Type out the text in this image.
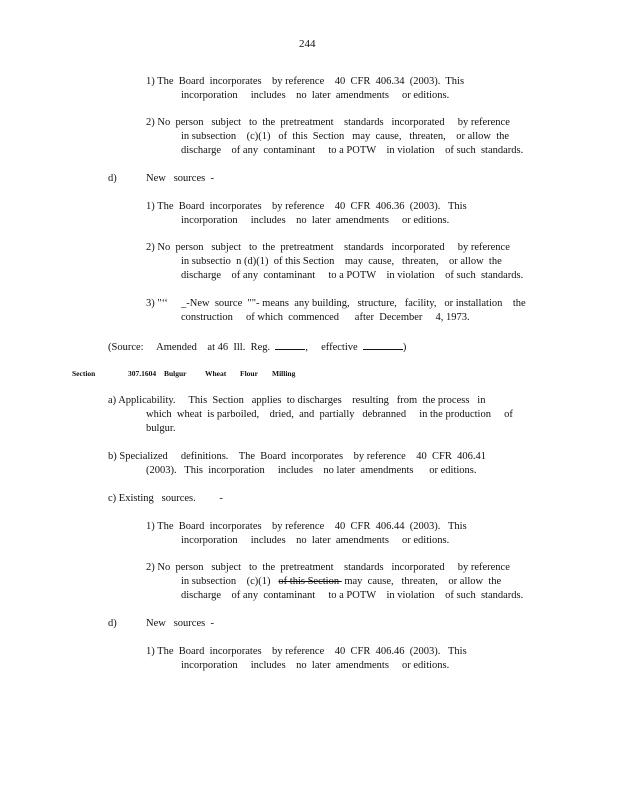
244
1) The  Board  incorporates    by reference    40  CFR  406.34  (2003).  This
incorporation     includes    no  later  amendments     or editions.
2) No  person   subject   to  the  pretreatment    standards   incorporated     by reference
in subsection    (c)(1)   of  this  Section   may  cause,   threaten,    or allow  the
discharge    of any  contaminant     to a POTW    in violation    of such  standards.
d)	New   sources  -
1) The  Board  incorporates    by reference    40  CFR  406.36  (2003).   This
incorporation     includes    no  later  amendments     or editions.
2) No  person   subject   to  the  pretreatment    standards   incorporated     by reference
in subsectio  n (d)(1)  of this Section    may  cause,   threaten,    or allow  the
discharge    of any  contaminant     to a POTW    in violation    of such  standards.
3) "‘‘ _-New  source  ""- means  any building,   structure,   facility,   or installation    the
construction     of which  commenced      after  December     4, 1973.
(Source:     Amended    at 46  Ill.  Reg.	,     effective	)
Section	307.1604 Bulgur Wheat Flour Milling
a) Applicability.     This  Section   applies  to discharges    resulting   from  the process   in
which  wheat  is parboiled,    dried,  and  partially   debranned     in the production     of
bulgur.
b) Specialized     definitions.    The  Board  incorporates    by reference    40  CFR  406.41
(2003).   This  incorporation     includes    no later  amendments      or editions.
c) Existing   sources.         -
1) The  Board  incorporates    by reference    40  CFR  406.44  (2003).   This
incorporation     includes    no  later  amendments     or editions.
2) No  person   subject   to  the  pretreatment    standards   incorporated     by reference
in subsection    (c)(1)   of this Section  may  cause,   threaten,    or allow  the
discharge    of any  contaminant     to a POTW    in violation    of such  standards.
d)	New   sources  -
1) The  Board  incorporates    by reference    40  CFR  406.46  (2003).   This
incorporation     includes    no  later  amendments     or editions.
